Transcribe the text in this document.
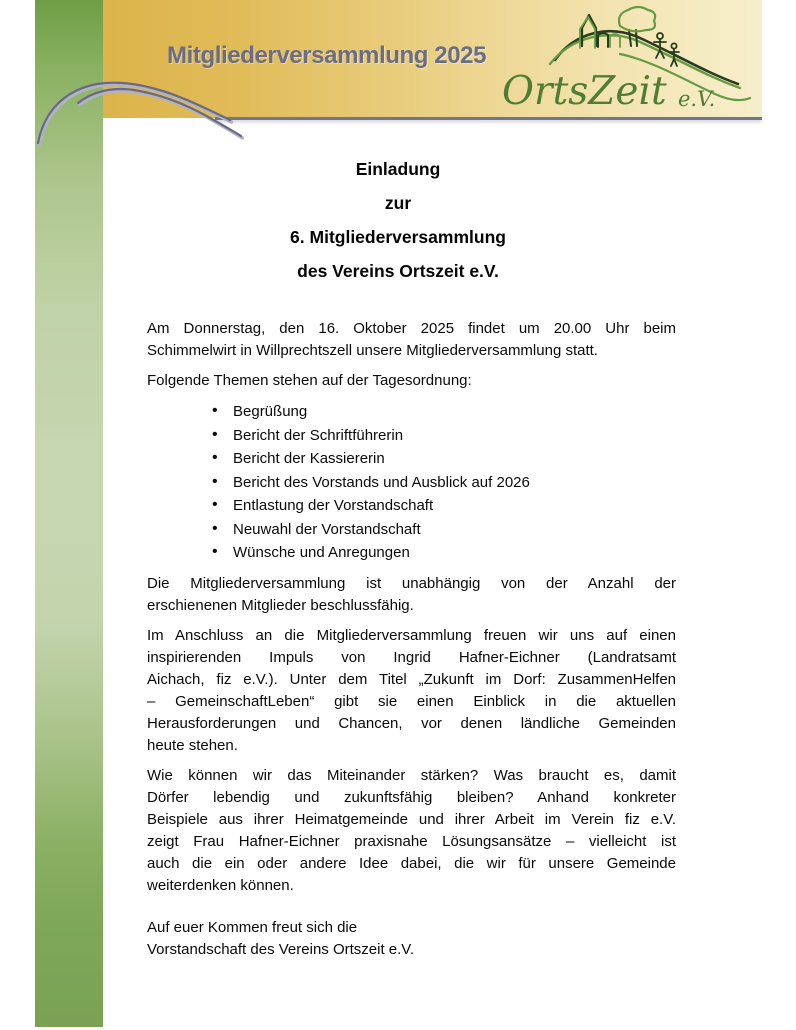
Mitgliederversammlung 2025
OrtsZeit e.V.
Einladung
zur
6. Mitgliederversammlung
des Vereins Ortszeit e.V.
Am Donnerstag, den 16. Oktober 2025 findet um 20.00 Uhr beim
Schimmelwirt in Willprechtszell unsere Mitgliederversammlung statt.
Folgende Themen stehen auf der Tagesordnung:
• Begrüßung
• Bericht der Schriftführerin
• Bericht der Kassiererin
• Bericht des Vorstands und Ausblick auf 2026
• Entlastung der Vorstandschaft
• Neuwahl der Vorstandschaft
• Wünsche und Anregungen
Die Mitgliederversammlung ist unabhängig von der Anzahl der
erschienenen Mitglieder beschlussfähig.
Im Anschluss an die Mitgliederversammlung freuen wir uns auf einen
inspirierenden Impuls von Ingrid Hafner-Eichner (Landratsamt
Aichach, fiz e.V.). Unter dem Titel „Zukunft im Dorf: ZusammenHelfen
– GemeinschaftLeben“ gibt sie einen Einblick in die aktuellen
Herausforderungen und Chancen, vor denen ländliche Gemeinden
heute stehen.
Wie können wir das Miteinander stärken? Was braucht es, damit
Dörfer lebendig und zukunftsfähig bleiben? Anhand konkreter
Beispiele aus ihrer Heimatgemeinde und ihrer Arbeit im Verein fiz e.V.
zeigt Frau Hafner-Eichner praxisnahe Lösungsansätze – vielleicht ist
auch die ein oder andere Idee dabei, die wir für unsere Gemeinde
weiterdenken können.
Auf euer Kommen freut sich die
Vorstandschaft des Vereins Ortszeit e.V.
